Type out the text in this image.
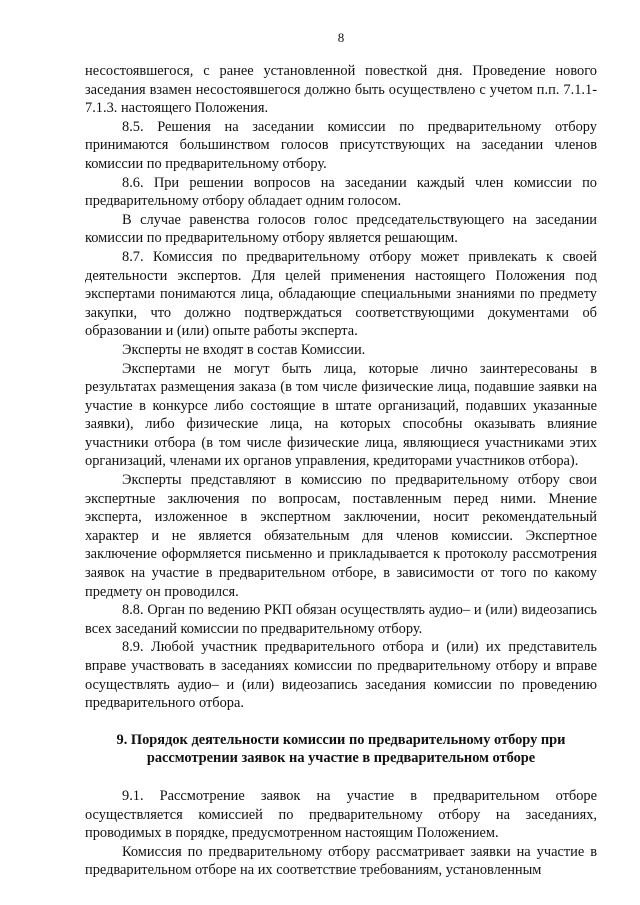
8

несостоявшегося, с ранее установленной повесткой дня. Проведение нового заседания взамен несостоявшегося должно быть осуществлено с учетом п.п. 7.1.1-7.1.3. настоящего Положения.

8.5. Решения на заседании комиссии по предварительному отбору принимаются большинством голосов присутствующих на заседании членов комиссии по предварительному отбору.

8.6. При решении вопросов на заседании каждый член комиссии по предварительному отбору обладает одним голосом.

В случае равенства голосов голос председательствующего на заседании комиссии по предварительному отбору является решающим.

8.7. Комиссия по предварительному отбору может привлекать к своей деятельности экспертов. Для целей применения настоящего Положения под экспертами понимаются лица, обладающие специальными знаниями по предмету закупки, что должно подтверждаться соответствующими документами об образовании и (или) опыте работы эксперта.

Эксперты не входят в состав Комиссии.

Экспертами не могут быть лица, которые лично заинтересованы в результатах размещения заказа (в том числе физические лица, подавшие заявки на участие в конкурсе либо состоящие в штате организаций, подавших указанные заявки), либо физические лица, на которых способны оказывать влияние участники отбора (в том числе физические лица, являющиеся участниками этих организаций, членами их органов управления, кредиторами участников отбора).

Эксперты представляют в комиссию по предварительному отбору свои экспертные заключения по вопросам, поставленным перед ними. Мнение эксперта, изложенное в экспертном заключении, носит рекомендательный характер и не является обязательным для членов комиссии. Экспертное заключение оформляется письменно и прикладывается к протоколу рассмотрения заявок на участие в предварительном отборе, в зависимости от того по какому предмету он проводился.

8.8. Орган по ведению РКП обязан осуществлять аудио– и (или) видеозапись всех заседаний комиссии по предварительному отбору.

8.9. Любой участник предварительного отбора и (или) их представитель вправе участвовать в заседаниях комиссии по предварительному отбору и вправе осуществлять аудио– и (или) видеозапись заседания комиссии по проведению предварительного отбора.

9. Порядок деятельности комиссии по предварительному отбору при рассмотрении заявок на участие в предварительном отборе

9.1. Рассмотрение заявок на участие в предварительном отборе осуществляется комиссией по предварительному отбору на заседаниях, проводимых в порядке, предусмотренном настоящим Положением.

Комиссия по предварительному отбору рассматривает заявки на участие в предварительном отборе на их соответствие требованиям, установленным
